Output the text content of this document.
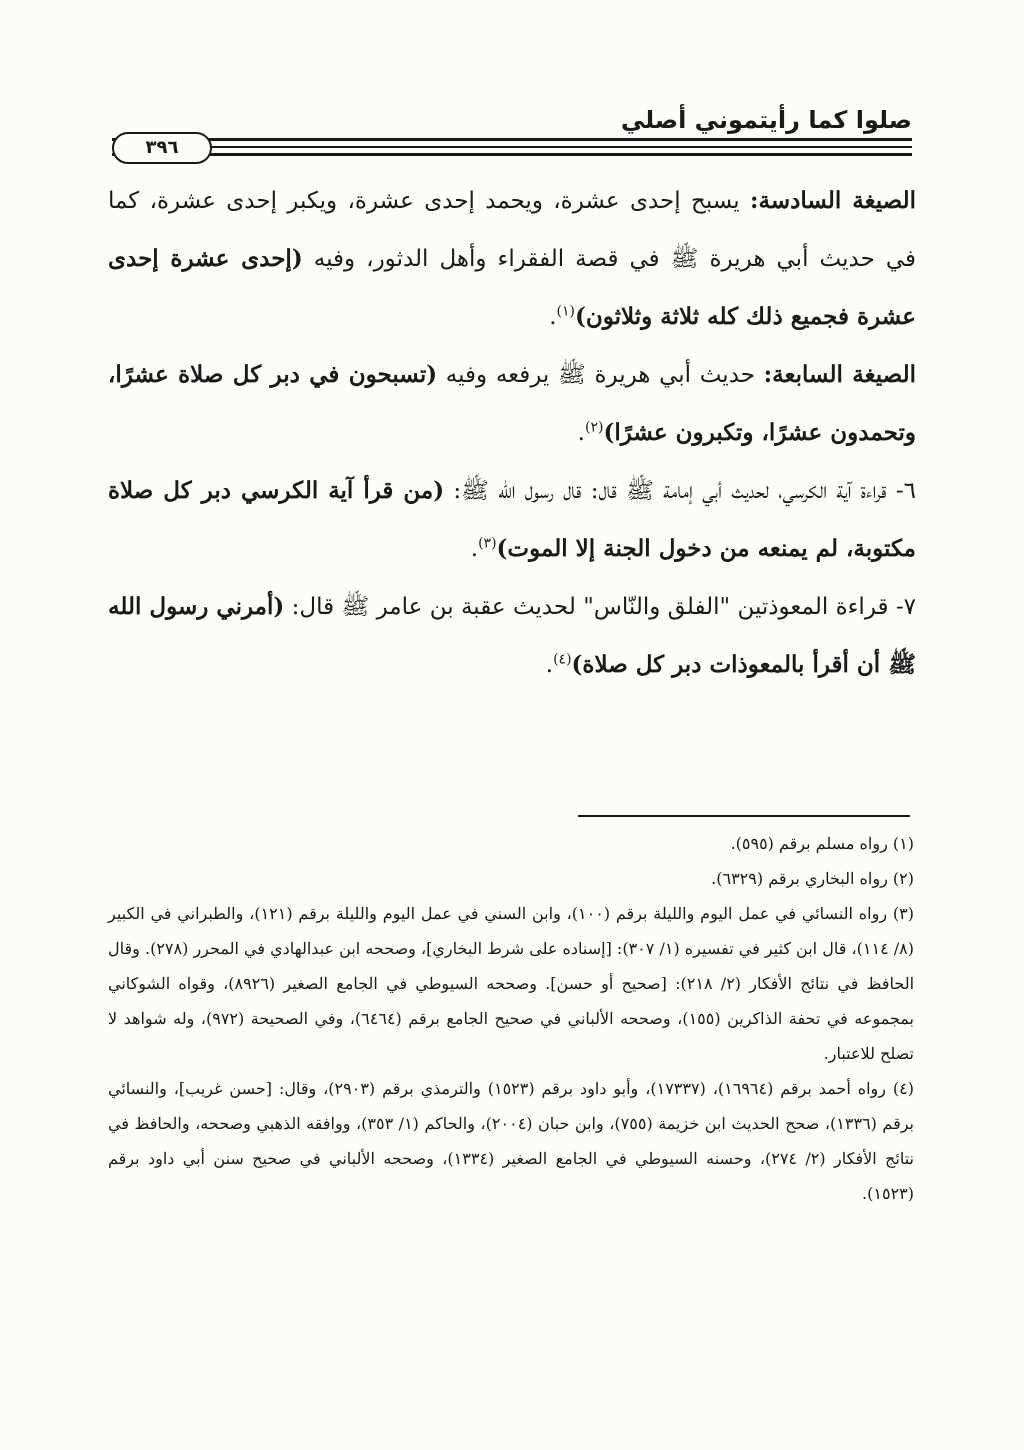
صلوا كما رأيتموني أصلي
٣٩٦

الصيغة السادسة: يسبح إحدى عشرة، ويحمد إحدى عشرة، ويكبر إحدى عشرة، كما في حديث أبي هريرة ﷺ في قصة الفقراء وأهل الدثور، وفيه (إحدى عشرة إحدى عشرة فجميع ذلك كله ثلاثة وثلاثون)$^{(١)}$.

الصيغة السابعة: حديث أبي هريرة ﷺ يرفعه وفيه (تسبحون في دبر كل صلاة عشرًا، وتحمدون عشرًا، وتكبرون عشرًا)$^{(٢)}$.

٦- قراءة آية الكرسي، لحديث أبي إمامة ﷺ قال: قال رسول الله ﷺ: (من قرأ آية الكرسي دبر كل صلاة مكتوبة، لم يمنعه من دخول الجنة إلا الموت)$^{(٣)}$.

٧- قراءة المعوذتين "الفلق والنّاس" لحديث عقبة بن عامر ﷺ قال: (أمرني رسول الله ﷺ أن أقرأ بالمعوذات دبر كل صلاة)$^{(٤)}$.

(١) رواه مسلم برقم (٥٩٥).

(٢) رواه البخاري برقم (٦٣٢٩).

(٣) رواه النسائي في عمل اليوم والليلة برقم (١٠٠)، وابن السني في عمل اليوم والليلة برقم (١٢١)، والطبراني في الكبير (٨/ ١١٤)، قال ابن كثير في تفسيره (١/ ٣٠٧): [إسناده على شرط البخاري]، وصححه ابن عبدالهادي في المحرر (٢٧٨). وقال الحافظ في نتائج الأفكار (٢/ ٢١٨): [صحيح أو حسن]. وصححه السيوطي في الجامع الصغير (٨٩٢٦)، وقواه الشوكاني بمجموعه في تحفة الذاكرين (١٥٥)، وصححه الألباني في صحيح الجامع برقم (٦٤٦٤)، وفي الصحيحة (٩٧٢)، وله شواهد لا تصلح للاعتبار.

(٤) رواه أحمد برقم (١٦٩٦٤)، (١٧٣٣٧)، وأبو داود برقم (١٥٢٣) والترمذي برقم (٢٩٠٣)، وقال: [حسن غريب]، والنسائي برقم (١٣٣٦)، صحح الحديث ابن خزيمة (٧٥٥)، وابن حبان (٢٠٠٤)، والحاكم (١/ ٣٥٣)، ووافقه الذهبي وصححه، والحافظ في نتائج الأفكار (٢/ ٢٧٤)، وحسنه السيوطي في الجامع الصغير (١٣٣٤)، وصححه الألباني في صحيح سنن أبي داود برقم (١٥٢٣).
